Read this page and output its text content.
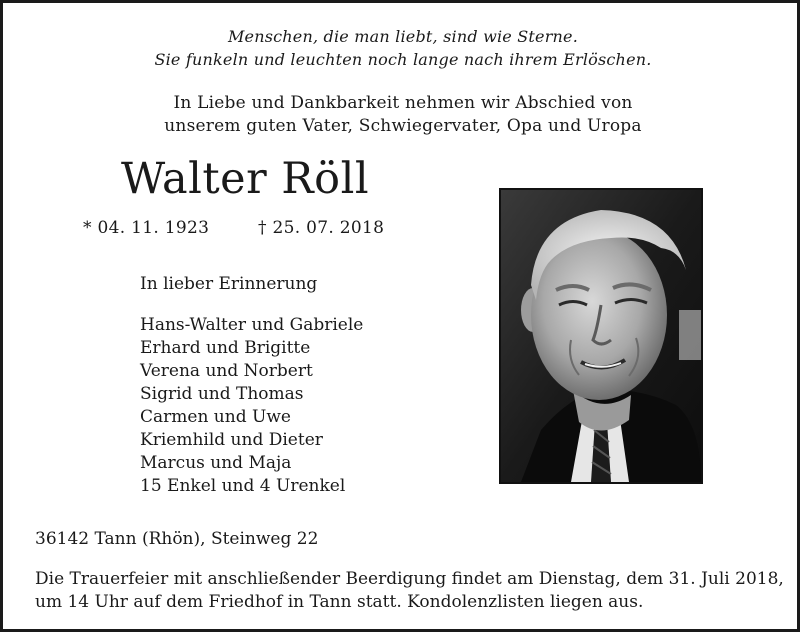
Menschen, die man liebt, sind wie Sterne.
Sie funkeln und leuchten noch lange nach ihrem Erlöschen.
In Liebe und Dankbarkeit nehmen wir Abschied von
unserem guten Vater, Schwiegervater, Opa und Uropa
Walter Röll
* 04. 11. 1923	† 25. 07. 2018
In lieber Erinnerung
Hans-Walter und Gabriele
Erhard und Brigitte
Verena und Norbert
Sigrid und Thomas
Carmen und Uwe
Kriemhild und Dieter
Marcus und Maja
15 Enkel und 4 Urenkel
36142 Tann (Rhön), Steinweg 22
Die Trauerfeier mit anschließender Beerdigung findet am Dienstag, dem 31. Juli 2018,
um 14 Uhr auf dem Friedhof in Tann statt. Kondolenzlisten liegen aus.
